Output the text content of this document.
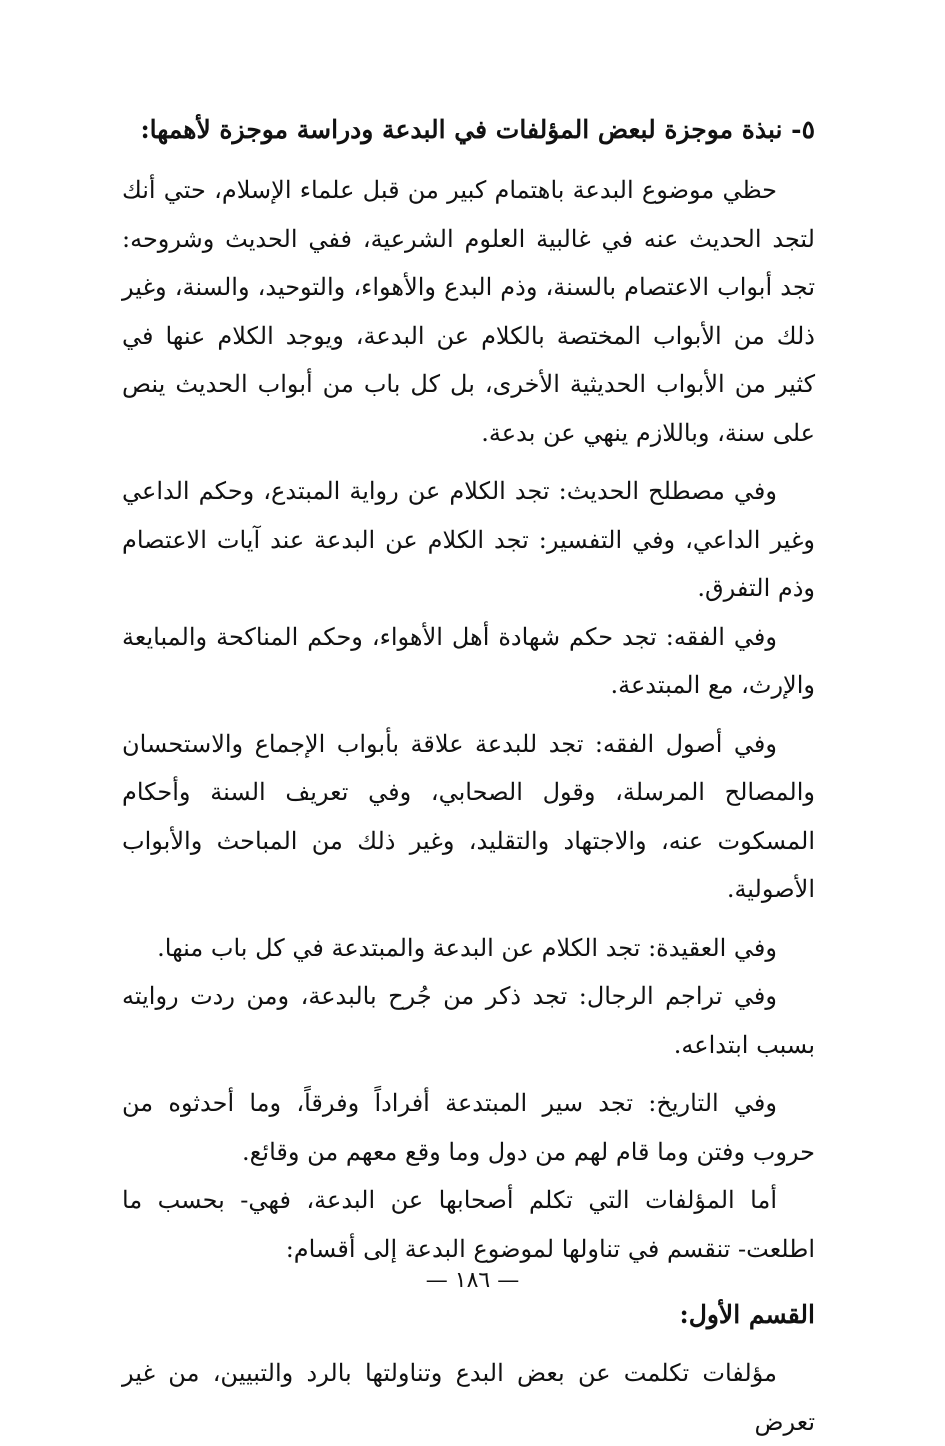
٥- نبذة موجزة لبعض المؤلفات في البدعة ودراسة موجزة لأهمها:

حظي موضوع البدعة باهتمام كبير من قبل علماء الإسلام، حتي أنك لتجد الحديث عنه في غالبية العلوم الشرعية، ففي الحديث وشروحه: تجد أبواب الاعتصام بالسنة، وذم البدع والأهواء، والتوحيد، والسنة، وغير ذلك من الأبواب المختصة بالكلام عن البدعة، ويوجد الكلام عنها في كثير من الأبواب الحديثية الأخرى، بل كل باب من أبواب الحديث ينص على سنة، وباللازم ينهي عن بدعة.

وفي مصطلح الحديث: تجد الكلام عن رواية المبتدع، وحكم الداعي وغير الداعي، وفي التفسير: تجد الكلام عن البدعة عند آيات الاعتصام وذم التفرق.

وفي الفقه: تجد حكم شهادة أهل الأهواء، وحكم المناكحة والمبايعة والإرث، مع المبتدعة.

وفي أصول الفقه: تجد للبدعة علاقة بأبواب الإجماع والاستحسان والمصالح المرسلة، وقول الصحابي، وفي تعريف السنة وأحكام المسكوت عنه، والاجتهاد والتقليد، وغير ذلك من المباحث والأبواب الأصولية.

وفي العقيدة: تجد الكلام عن البدعة والمبتدعة في كل باب منها.

وفي تراجم الرجال: تجد ذكر من جُرح بالبدعة، ومن ردت روايته بسبب ابتداعه.

وفي التاريخ: تجد سير المبتدعة أفراداً وفرقاً، وما أحدثوه من حروب وفتن وما قام لهم من دول وما وقع معهم من وقائع.

أما المؤلفات التي تكلم أصحابها عن البدعة، فهي- بحسب ما اطلعت- تنقسم في تناولها لموضوع البدعة إلى أقسام:

القسم الأول:

مؤلفات تكلمت عن بعض البدع وتناولتها بالرد والتبيين، من غير تعرض

— ١٨٦ —
